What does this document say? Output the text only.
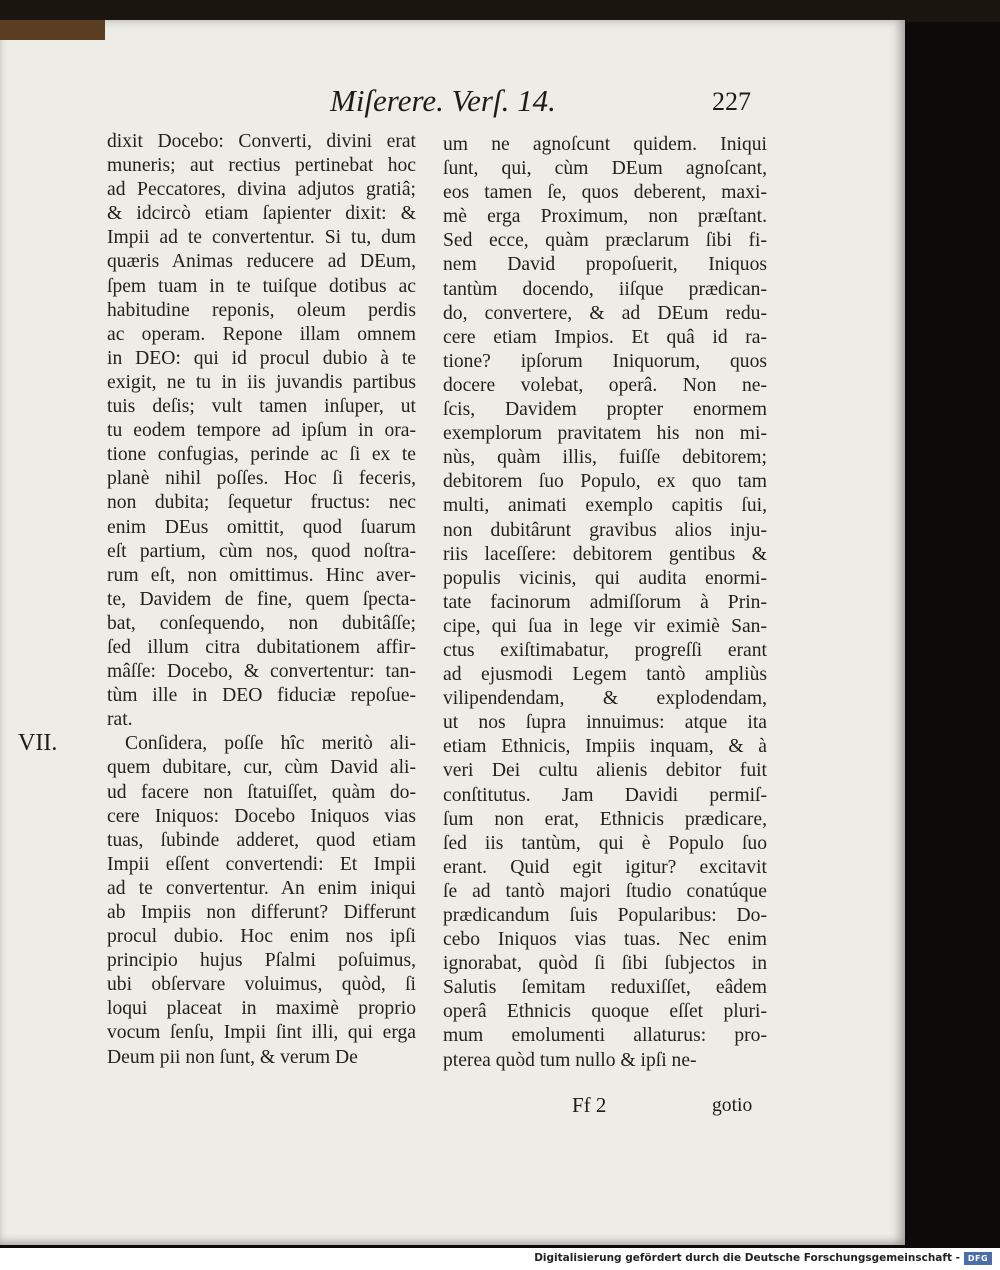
Miſerere. Verſ. 14.	227
dixit Docebo: Converti, divini erat
muneris; aut rectius pertinebat hoc
ad Peccatores, divina adjutos gratiâ;
& idcircò etiam ſapienter dixit: &
Impii ad te convertentur. Si tu, dum
quæris Animas reducere ad DEum,
ſpem tuam in te tuiſque dotibus ac
habitudine reponis, oleum perdis
ac operam. Repone illam omnem
in DEO: qui id procul dubio à te
exigit, ne tu in iis juvandis partibus
tuis deſis; vult tamen inſuper, ut
tu eodem tempore ad ipſum in ora-
tione confugias, perinde ac ſi ex te
planè nihil poſſes. Hoc ſi feceris,
non dubita; ſequetur fructus: nec
enim DEus omittit, quod ſuarum
eſt partium, cùm nos, quod noſtra-
rum eſt, non omittimus. Hinc aver-
te, Davidem de fine, quem ſpecta-
bat, conſequendo, non dubitâſſe;
ſed illum citra dubitationem affir-
mâſſe: Docebo, & convertentur: tan-
tùm ille in DEO fiduciæ repoſue-
rat.
Conſidera, poſſe hîc meritò ali-
quem dubitare, cur, cùm David ali-
ud facere non ſtatuiſſet, quàm do-
cere Iniquos: Docebo Iniquos vias
tuas, ſubinde adderet, quod etiam
Impii eſſent convertendi: Et Impii
ad te convertentur. An enim iniqui
ab Impiis non differunt? Differunt
procul dubio. Hoc enim nos ipſi
principio hujus Pſalmi poſuimus,
ubi obſervare voluimus, quòd, ſi
loqui placeat in maximè proprio
vocum ſenſu, Impii ſint illi, qui erga
Deum pii non ſunt, & verum De
um ne agnoſcunt quidem. Iniqui
ſunt, qui, cùm DEum agnoſcant,
eos tamen ſe, quos deberent, maxi-
mè erga Proximum, non præſtant.
Sed ecce, quàm præclarum ſibi fi-
nem David propoſuerit, Iniquos
tantùm docendo, iiſque prædican-
do, convertere, & ad DEum redu-
cere etiam Impios. Et quâ id ra-
tione? ipſorum Iniquorum, quos
docere volebat, operâ. Non ne-
ſcis, Davidem propter enormem
exemplorum pravitatem his non mi-
nùs, quàm illis, fuiſſe debitorem;
debitorem ſuo Populo, ex quo tam
multi, animati exemplo capitis ſui,
non dubitârunt gravibus alios inju-
riis laceſſere: debitorem gentibus &
populis vicinis, qui audita enormi-
tate facinorum admiſſorum à Prin-
cipe, qui ſua in lege vir eximiè San-
ctus exiſtimabatur, progreſſi erant
ad ejusmodi Legem tantò ampliùs
vilipendendam, & explodendam,
ut nos ſupra innuimus: atque ita
etiam Ethnicis, Impiis inquam, & à
veri Dei cultu alienis debitor fuit
conſtitutus. Jam Davidi permiſ-
ſum non erat, Ethnicis prædicare,
ſed iis tantùm, qui è Populo ſuo
erant. Quid egit igitur? excitavit
ſe ad tantò majori ſtudio conatúque
prædicandum ſuis Popularibus: Do-
cebo Iniquos vias tuas. Nec enim
ignorabat, quòd ſi ſibi ſubjectos in
Salutis ſemitam reduxiſſet, eâdem
operâ Ethnicis quoque eſſet pluri-
mum emolumenti allaturus: pro-
pterea quòd tum nullo & ipſi ne-
VII.
Ff 2	gotio
Digitalisierung gefördert durch die Deutsche Forschungsgemeinschaft - DFG
